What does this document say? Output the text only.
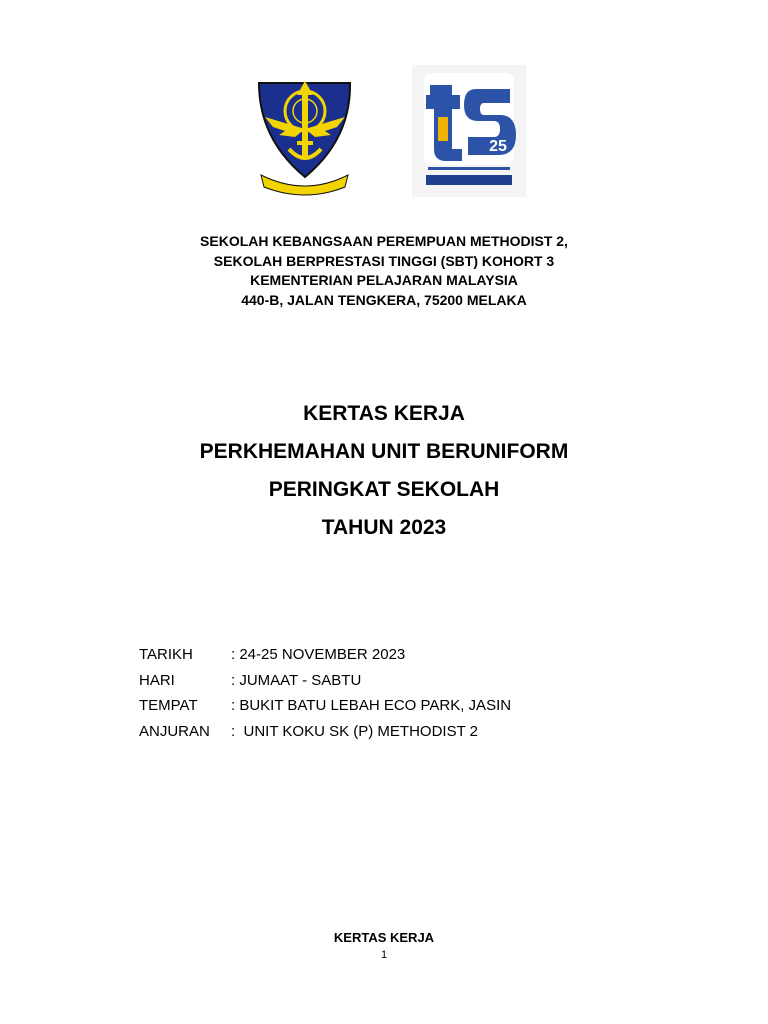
25
SEKOLAH KEBANGSAAN PEREMPUAN METHODIST 2,
SEKOLAH BERPRESTASI TINGGI (SBT) KOHORT 3
KEMENTERIAN PELAJARAN MALAYSIA
440-B, JALAN TENGKERA, 75200 MELAKA
KERTAS KERJA
PERKHEMAHAN UNIT BERUNIFORM
PERINGKAT SEKOLAH
TAHUN 2023
TARIKH	: 24-25 NOVEMBER 2023
HARI	: JUMAAT - SABTU
TEMPAT	: BUKIT BATU LEBAH ECO PARK, JASIN
ANJURAN	:  UNIT KOKU SK (P) METHODIST 2
KERTAS KERJA
1
